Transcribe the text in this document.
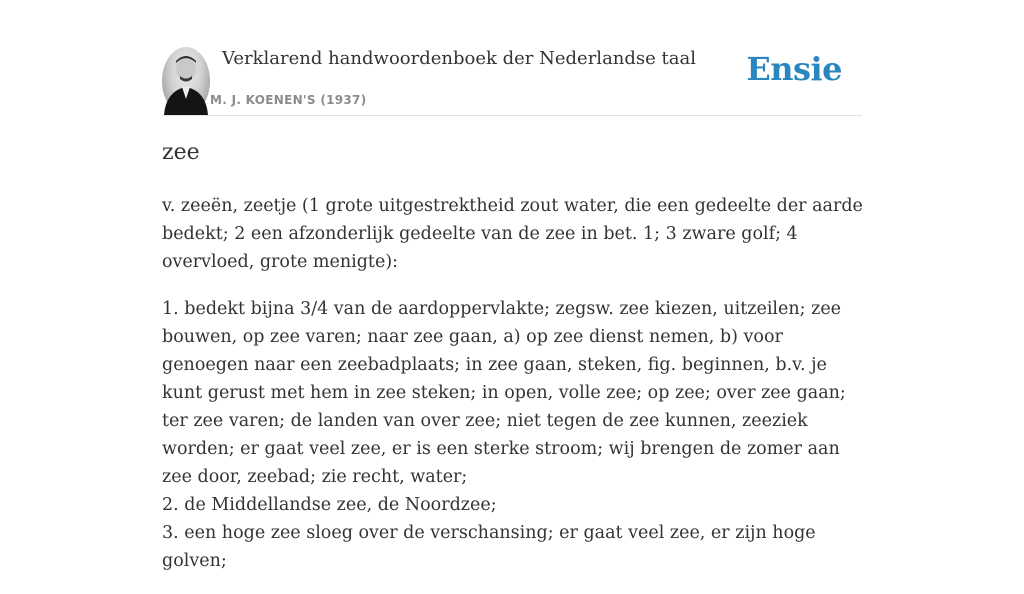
Verklarend handwoordenboek der Nederlandse taal
M. J. KOENEN'S (1937)
Ensie
zee

v. zeeën, zeetje (1 grote uitgestrektheid zout water, die een gedeelte der aarde bedekt; 2 een afzonderlijk gedeelte van de zee in bet. 1; 3 zware golf; 4 overvloed, grote menigte):

1. bedekt bijna 3/4 van de aardoppervlakte; zegsw. zee kiezen, uitzeilen; zee bouwen, op zee varen; naar zee gaan, a) op zee dienst nemen, b) voor genoegen naar een zeebadplaats; in zee gaan, steken, fig. beginnen, b.v. je kunt gerust met hem in zee steken; in open, volle zee; op zee; over zee gaan; ter zee varen; de landen van over zee; niet tegen de zee kunnen, zeeziek worden; er gaat veel zee, er is een sterke stroom; wij brengen de zomer aan zee door, zeebad; zie recht, water;
2. de Middellandse zee, de Noordzee;
3. een hoge zee sloeg over de verschansing; er gaat veel zee, er zijn hoge golven;
